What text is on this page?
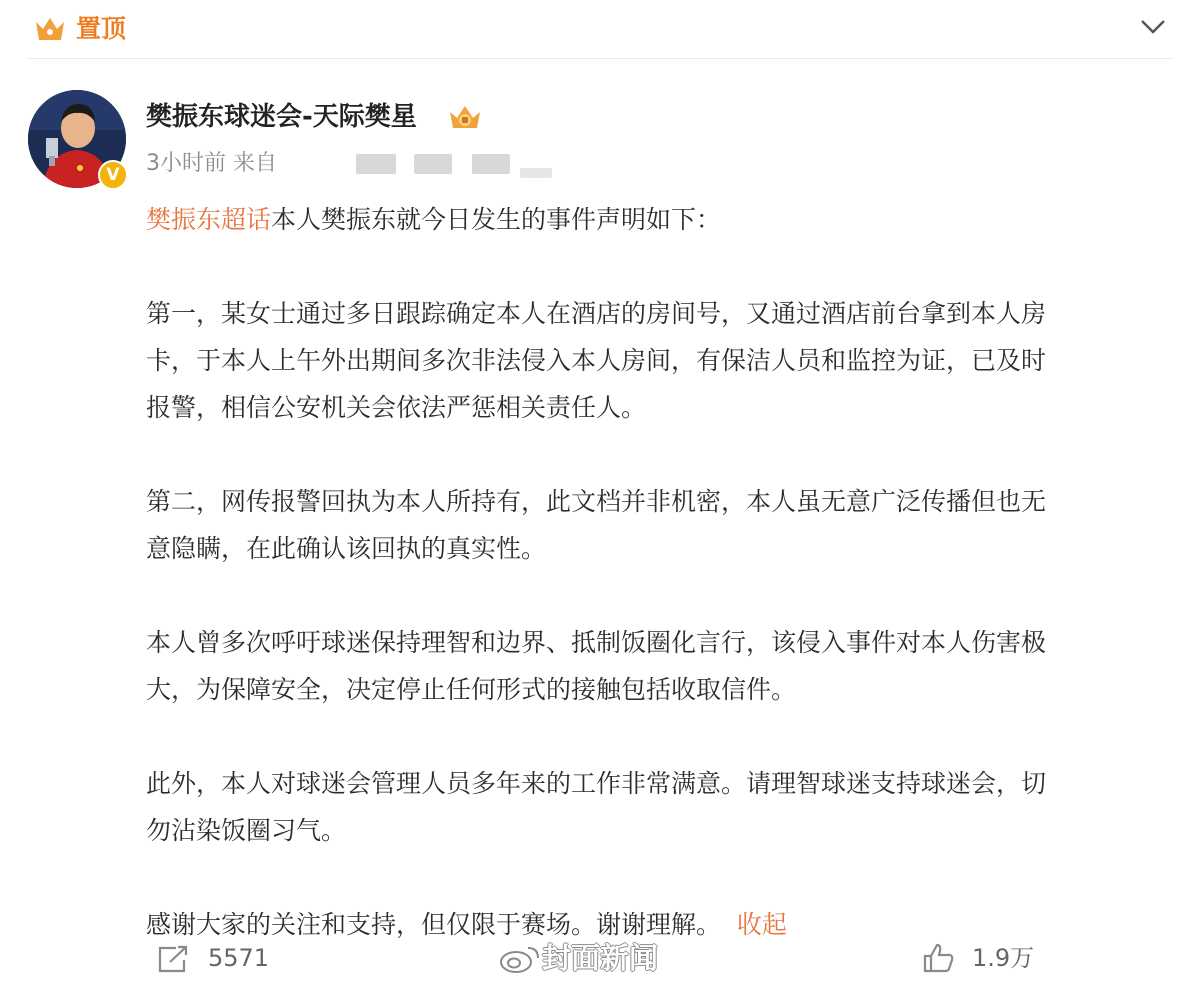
置顶
V
樊振东球迷会-天际樊星
3小时前 来自

樊振东超话本人樊振东就今日发生的事件声明如下：

第一，某女士通过多日跟踪确定本人在酒店的房间号，又通过酒店前台拿到本人房

卡，于本人上午外出期间多次非法侵入本人房间，有保洁人员和监控为证，已及时

报警，相信公安机关会依法严惩相关责任人。

第二，网传报警回执为本人所持有，此文档并非机密，本人虽无意广泛传播但也无

意隐瞒，在此确认该回执的真实性。

本人曾多次呼吁球迷保持理智和边界、抵制饭圈化言行，该侵入事件对本人伤害极

大，为保障安全，决定停止任何形式的接触包括收取信件。

此外，本人对球迷会管理人员多年来的工作非常满意。请理智球迷支持球迷会，切

勿沾染饭圈习气。

感谢大家的关注和支持，但仅限于赛场。谢谢理解。 收起

5571	封面新闻	1.9万
